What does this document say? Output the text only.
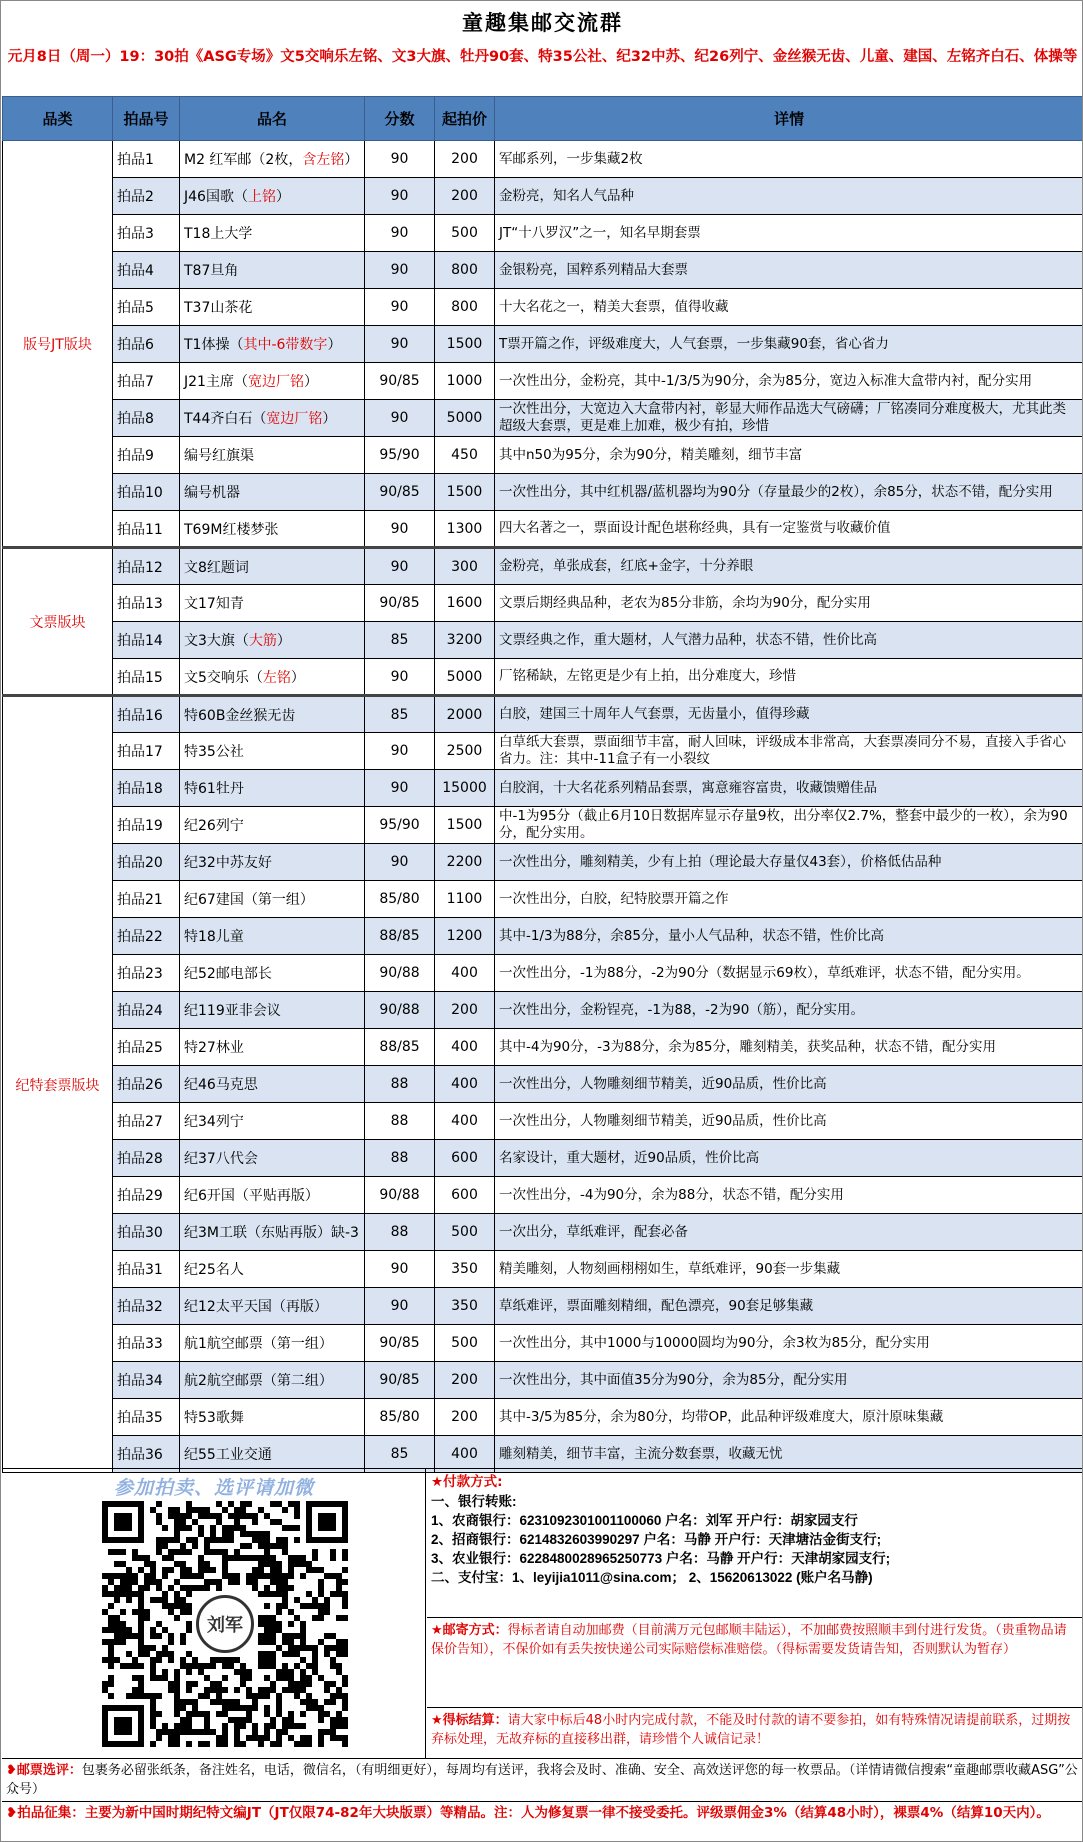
童趣集邮交流群
元月8日（周一）19：30拍《ASG专场》文5交响乐左铭、文3大旗、牡丹90套、特35公社、纪32中苏、纪26列宁、金丝猴无齿、儿童、建国、左铭齐白石、体操等
品类	拍品号	品名	分数	起拍价	详情
版号JT版块	拍品1	M2 红军邮（2枚，含左铭）	90	200	军邮系列，一步集藏2枚
	拍品2	J46国歌（上铭）	90	200	金粉亮，知名人气品种
	拍品3	T18上大学	90	500	JT“十八罗汉”之一，知名早期套票
	拍品4	T87旦角	90	800	金银粉亮，国粹系列精品大套票
	拍品5	T37山茶花	90	800	十大名花之一，精美大套票，值得收藏
	拍品6	T1体操（其中-6带数字）	90	1500	T票开篇之作，评级难度大，人气套票，一步集藏90套，省心省力
	拍品7	J21主席（宽边厂铭）	90/85	1000	一次性出分，金粉亮，其中-1/3/5为90分，余为85分，宽边入标准大盒带内衬，配分实用
	拍品8	T44齐白石（宽边厂铭）	90	5000	一次性出分，大宽边入大盒带内衬，彰显大师作品选大气磅礴；厂铭凑同分难度极大，尤其此类超级大套票，更是难上加难，极少有拍，珍惜
	拍品9	编号红旗渠	95/90	450	其中n50为95分，余为90分，精美雕刻，细节丰富
	拍品10	编号机器	90/85	1500	一次性出分，其中红机器/蓝机器均为90分（存量最少的2枚），余85分，状态不错，配分实用
	拍品11	T69M红楼梦张	90	1300	四大名著之一，票面设计配色堪称经典，具有一定鉴赏与收藏价值
文票版块	拍品12	文8红题词	90	300	金粉亮，单张成套，红底+金字，十分养眼
	拍品13	文17知青	90/85	1600	文票后期经典品种，老农为85分非筋，余均为90分，配分实用
	拍品14	文3大旗（大筋）	85	3200	文票经典之作，重大题材，人气潜力品种，状态不错，性价比高
	拍品15	文5交响乐（左铭）	90	5000	厂铭稀缺，左铭更是少有上拍，出分难度大，珍惜
纪特套票版块	拍品16	特60B金丝猴无齿	85	2000	白胶，建国三十周年人气套票，无齿量小，值得珍藏
	拍品17	特35公社	90	2500	白草纸大套票，票面细节丰富，耐人回味，评级成本非常高，大套票凑同分不易，直接入手省心省力。注：其中-11盒子有一小裂纹
	拍品18	特61牡丹	90	15000	白胶润，十大名花系列精品套票，寓意雍容富贵，收藏馈赠佳品
	拍品19	纪26列宁	95/90	1500	中-1为95分（截止6月10日数据库显示存量9枚，出分率仅2.7%，整套中最少的一枚），余为90分，配分实用。
	拍品20	纪32中苏友好	90	2200	一次性出分，雕刻精美，少有上拍（理论最大存量仅43套），价格低估品种
	拍品21	纪67建国（第一组）	85/80	1100	一次性出分，白胶，纪特胶票开篇之作
	拍品22	特18儿童	88/85	1200	其中-1/3为88分，余85分，量小人气品种，状态不错，性价比高
	拍品23	纪52邮电部长	90/88	400	一次性出分，-1为88分，-2为90分（数据显示69枚），草纸难评，状态不错，配分实用。
	拍品24	纪119亚非会议	90/88	200	一次性出分，金粉锃亮，-1为88，-2为90（筋），配分实用。
	拍品25	特27林业	88/85	400	其中-4为90分，-3为88分，余为85分，雕刻精美，获奖品种，状态不错，配分实用
	拍品26	纪46马克思	88	400	一次性出分，人物雕刻细节精美，近90品质，性价比高
	拍品27	纪34列宁	88	400	一次性出分，人物雕刻细节精美，近90品质，性价比高
	拍品28	纪37八代会	88	600	名家设计，重大题材，近90品质，性价比高
	拍品29	纪6开国（平贴再版）	90/88	600	一次性出分，-4为90分，余为88分，状态不错，配分实用
	拍品30	纪3M工联（东贴再版）缺-3	88	500	一次出分，草纸难评，配套必备
	拍品31	纪25名人	90	350	精美雕刻，人物刻画栩栩如生，草纸难评，90套一步集藏
	拍品32	纪12太平天国（再版）	90	350	草纸难评，票面雕刻精细，配色漂亮，90套足够集藏
	拍品33	航1航空邮票（第一组）	90/85	500	一次性出分，其中1000与10000圆均为90分，余3枚为85分，配分实用
	拍品34	航2航空邮票（第二组）	90/85	200	一次性出分，其中面值35分为90分，余为85分，配分实用
	拍品35	特53歌舞	85/80	200	其中-3/5为85分，余为80分，均带OP，此品种评级难度大，原汁原味集藏
	拍品36	纪55工业交通	85	400	雕刻精美，细节丰富，主流分数套票，收藏无忧
参加拍卖、选评请加微
刘军
★付款方式:
一、银行转账:
1、农商银行：6231092301001100060 户名：刘军 开户行：胡家园支行
2、招商银行：6214832603990297 户名：马静 开户行：天津塘沽金街支行;
3、农业银行：6228480028965250773 户名：马静 开户行：天津胡家园支行;
二、支付宝：1、leyijia1011@sina.com； 2、15620613022 (账户名马静)
★邮寄方式：得标者请自动加邮费（目前满万元包邮顺丰陆运），不加邮费按照顺丰到付进行发货。（贵重物品请保价告知），不保价如有丢失按快递公司实际赔偿标准赔偿。（得标需要发货请告知，否则默认为暂存）
★得标结算：请大家中标后48小时内完成付款，不能及时付款的请不要参拍，如有特殊情况请提前联系，过期按弃标处理，无故弃标的直接移出群，请珍惜个人诚信记录！
❥邮票选评：包裹务必留张纸条，备注姓名，电话，微信名，（有明细更好），每周均有送评，我将会及时、准确、安全、高效送评您的每一枚票品。（详情请微信搜索“童趣邮票收藏ASG”公众号）
❥拍品征集：主要为新中国时期纪特文编JT（JT仅限74-82年大块版票）等精品。注：人为修复票一律不接受委托。评级票佣金3%（结算48小时），裸票4%（结算10天内）。
